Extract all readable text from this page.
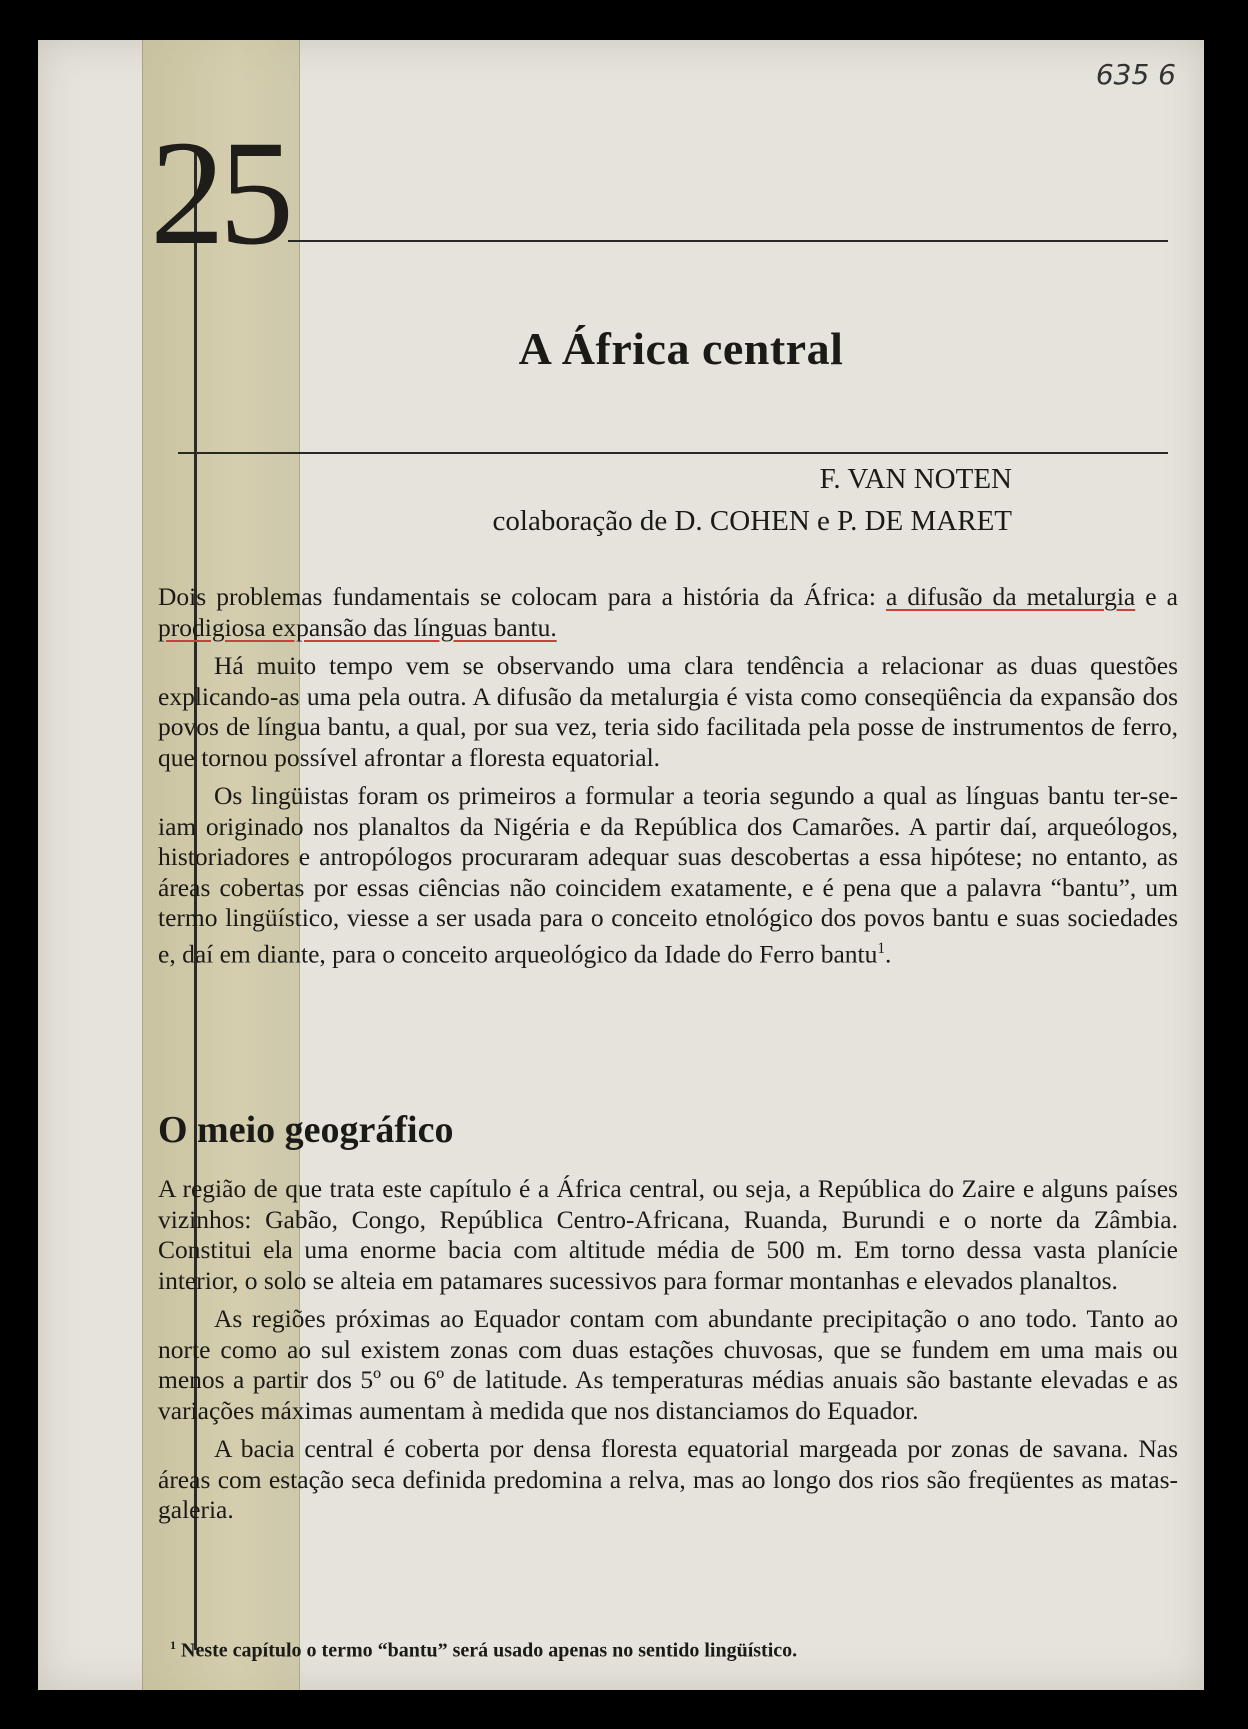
635 6
25
A África central
F. VAN NOTEN
colaboração de D. COHEN e P. DE MARET

Dois problemas fundamentais se colocam para a história da África: a difusão da metalurgia e a prodigiosa expansão das línguas bantu.

Há muito tempo vem se observando uma clara tendência a relacionar as duas questões explicando-as uma pela outra. A difusão da metalurgia é vista como conseqüência da expansão dos povos de língua bantu, a qual, por sua vez, teria sido facilitada pela posse de instrumentos de ferro, que tornou possível afrontar a floresta equatorial.

Os lingüistas foram os primeiros a formular a teoria segundo a qual as línguas bantu ter-se-iam originado nos planaltos da Nigéria e da República dos Camarões. A partir daí, arqueólogos, historiadores e antropólogos procuraram adequar suas descobertas a essa hipótese; no entanto, as áreas cobertas por essas ciências não coincidem exatamente, e é pena que a palavra “bantu”, um termo lingüístico, viesse a ser usada para o conceito etnológico dos povos bantu e suas sociedades e, daí em diante, para o conceito arqueológico da Idade do Ferro bantu$^1$.

O meio geográfico

A região de que trata este capítulo é a África central, ou seja, a República do Zaire e alguns países vizinhos: Gabão, Congo, República Centro-Africana, Ruanda, Burundi e o norte da Zâmbia. Constitui ela uma enorme bacia com altitude média de 500 m. Em torno dessa vasta planície interior, o solo se alteia em patamares sucessivos para formar montanhas e elevados planaltos.

As regiões próximas ao Equador contam com abundante precipitação o ano todo. Tanto ao norte como ao sul existem zonas com duas estações chuvosas, que se fundem em uma mais ou menos a partir dos 5º ou 6º de latitude. As temperaturas médias anuais são bastante elevadas e as variações máximas aumentam à medida que nos distanciamos do Equador.

A bacia central é coberta por densa floresta equatorial margeada por zonas de savana. Nas áreas com estação seca definida predomina a relva, mas ao longo dos rios são freqüentes as matas-galeria.

$^1$ Neste capítulo o termo “bantu” será usado apenas no sentido lingüístico.
